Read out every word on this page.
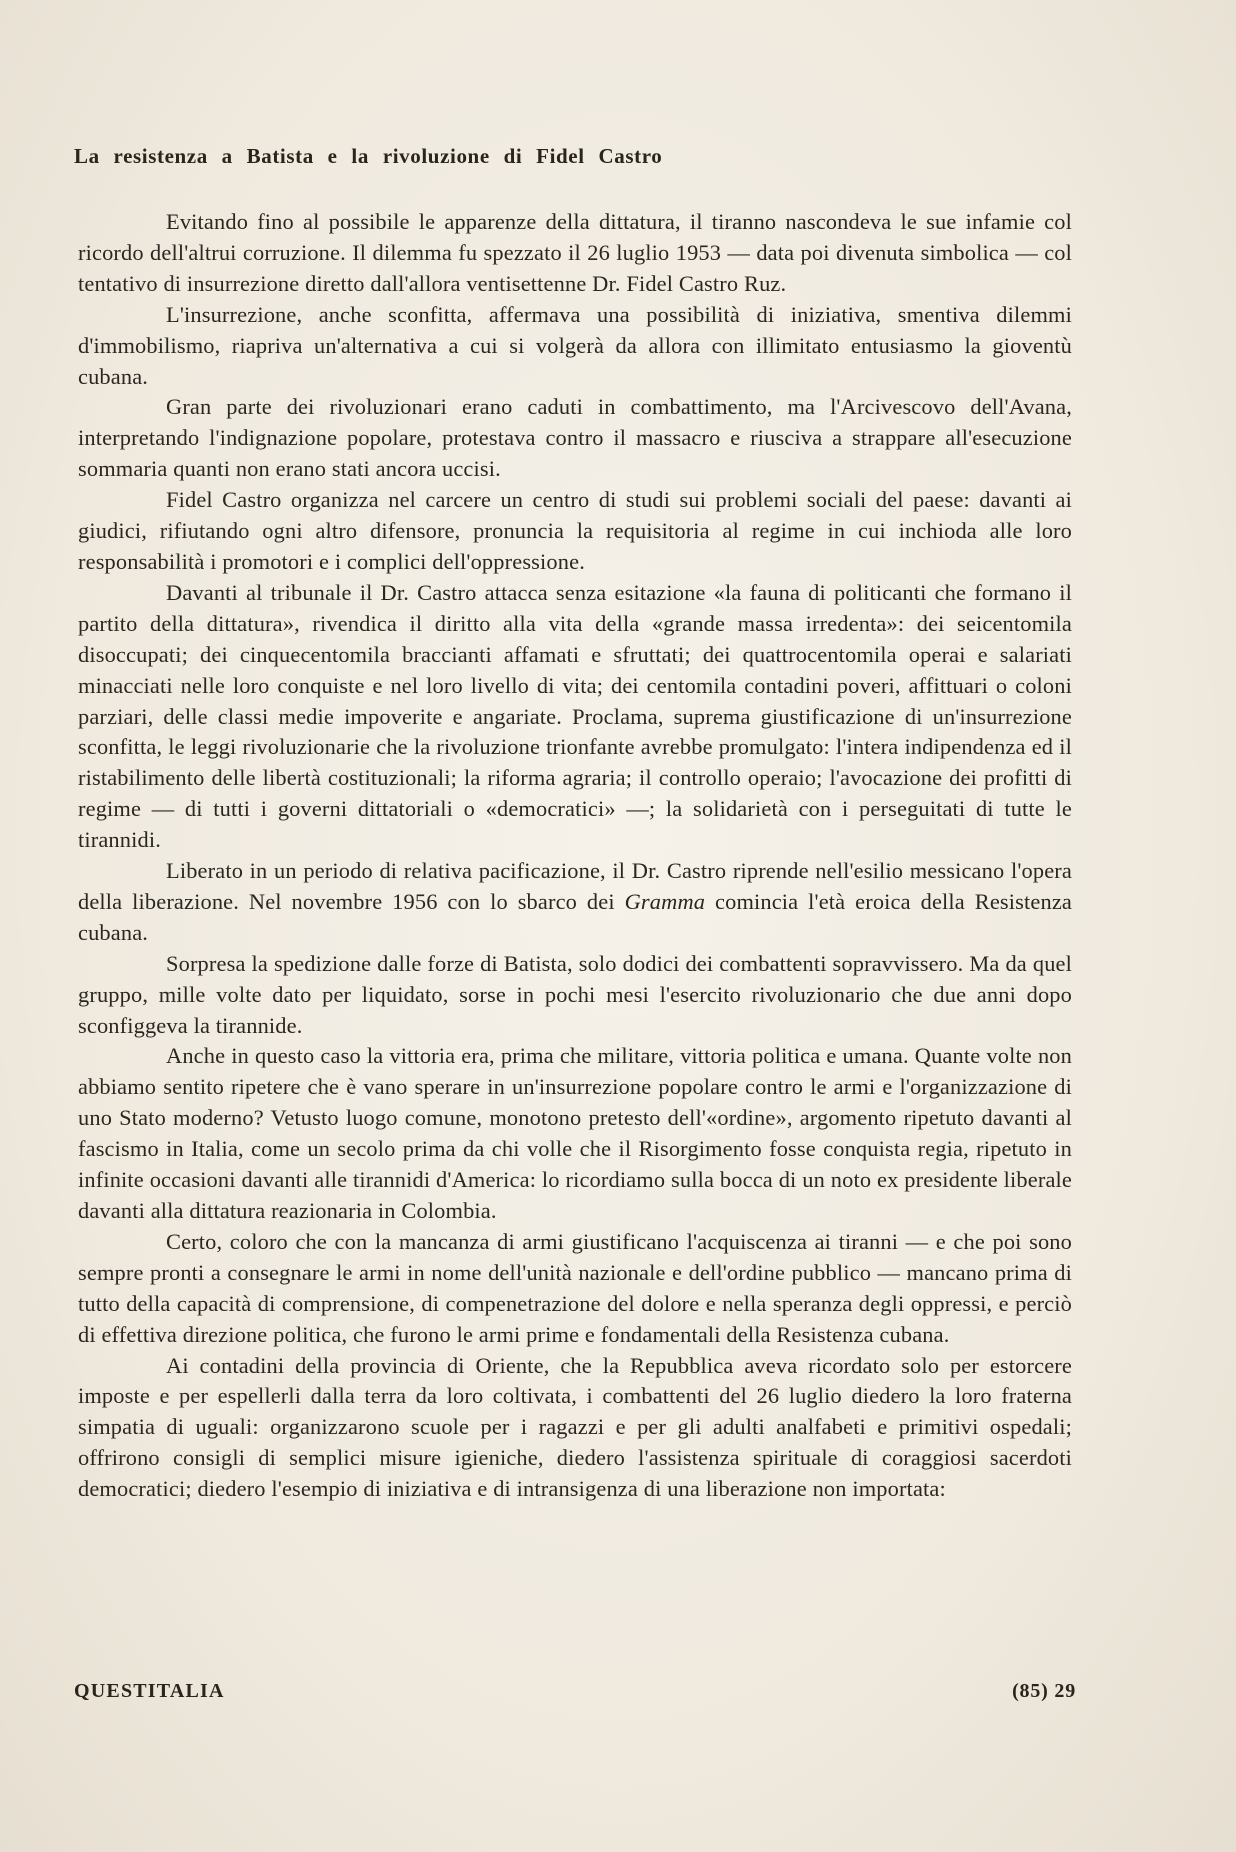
La resistenza a Batista e la rivoluzione di Fidel Castro

Evitando fino al possibile le apparenze della dittatura, il tiranno nascondeva le sue infamie col ricordo dell'altrui corruzione. Il dilemma fu spezzato il 26 luglio 1953 — data poi divenuta simbolica — col tentativo di insurrezione diretto dall'allora ventisettenne Dr. Fidel Castro Ruz.

L'insurrezione, anche sconfitta, affermava una possibilità di iniziativa, smentiva dilemmi d'immobilismo, riapriva un'alternativa a cui si volgerà da allora con illimitato entusiasmo la gioventù cubana.

Gran parte dei rivoluzionari erano caduti in combattimento, ma l'Arcivescovo dell'Avana, interpretando l'indignazione popolare, protestava contro il massacro e riusciva a strappare all'esecuzione sommaria quanti non erano stati ancora uccisi.

Fidel Castro organizza nel carcere un centro di studi sui problemi sociali del paese: davanti ai giudici, rifiutando ogni altro difensore, pronuncia la requisitoria al regime in cui inchioda alle loro responsabilità i promotori e i complici dell'oppressione.

Davanti al tribunale il Dr. Castro attacca senza esitazione «la fauna di politicanti che formano il partito della dittatura», rivendica il diritto alla vita della «grande massa irredenta»: dei seicentomila disoccupati; dei cinquecentomila braccianti affamati e sfruttati; dei quattrocentomila operai e salariati minacciati nelle loro conquiste e nel loro livello di vita; dei centomila contadini poveri, affittuari o coloni parziari, delle classi medie impoverite e angariate. Proclama, suprema giustificazione di un'insurrezione sconfitta, le leggi rivoluzionarie che la rivoluzione trionfante avrebbe promulgato: l'intera indipendenza ed il ristabilimento delle libertà costituzionali; la riforma agraria; il controllo operaio; l'avocazione dei profitti di regime — di tutti i governi dittatoriali o «democratici» —; la solidarietà con i perseguitati di tutte le tirannidi.

Liberato in un periodo di relativa pacificazione, il Dr. Castro riprende nell'esilio messicano l'opera della liberazione. Nel novembre 1956 con lo sbarco dei Gramma comincia l'età eroica della Resistenza cubana.

Sorpresa la spedizione dalle forze di Batista, solo dodici dei combattenti sopravvissero. Ma da quel gruppo, mille volte dato per liquidato, sorse in pochi mesi l'esercito rivoluzionario che due anni dopo sconfiggeva la tirannide.

Anche in questo caso la vittoria era, prima che militare, vittoria politica e umana. Quante volte non abbiamo sentito ripetere che è vano sperare in un'insurrezione popolare contro le armi e l'organizzazione di uno Stato moderno? Vetusto luogo comune, monotono pretesto dell'«ordine», argomento ripetuto davanti al fascismo in Italia, come un secolo prima da chi volle che il Risorgimento fosse conquista regia, ripetuto in infinite occasioni davanti alle tirannidi d'America: lo ricordiamo sulla bocca di un noto ex presidente liberale davanti alla dittatura reazionaria in Colombia.

Certo, coloro che con la mancanza di armi giustificano l'acquiscenza ai tiranni — e che poi sono sempre pronti a consegnare le armi in nome dell'unità nazionale e dell'ordine pubblico — mancano prima di tutto della capacità di comprensione, di compenetrazione del dolore e nella speranza degli oppressi, e perciò di effettiva direzione politica, che furono le armi prime e fondamentali della Resistenza cubana.

Ai contadini della provincia di Oriente, che la Repubblica aveva ricordato solo per estorcere imposte e per espellerli dalla terra da loro coltivata, i combattenti del 26 luglio diedero la loro fraterna simpatia di uguali: organizzarono scuole per i ragazzi e per gli adulti analfabeti e primitivi ospedali; offrirono consigli di semplici misure igieniche, diedero l'assistenza spirituale di coraggiosi sacerdoti democratici; diedero l'esempio di iniziativa e di intransigenza di una liberazione non importata:

QUESTITALIA	(85) 29
